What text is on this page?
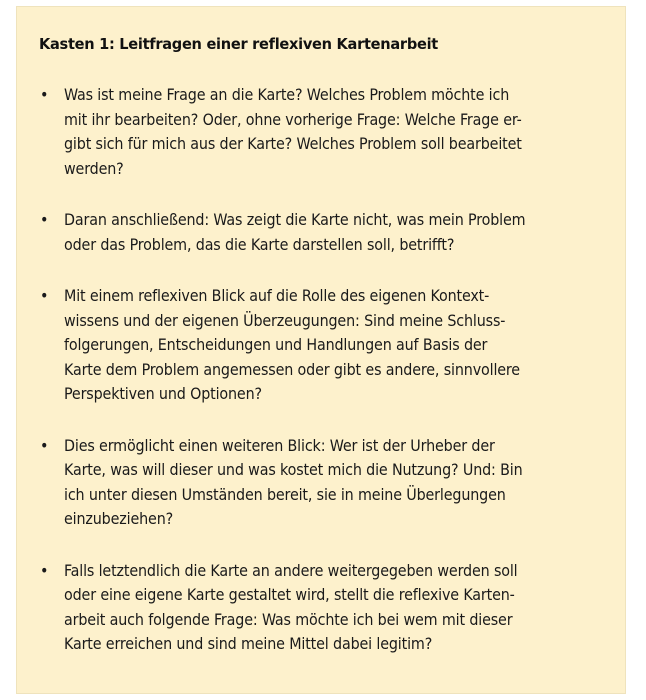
Kasten 1: Leitfragen einer reflexiven Kartenarbeit
• Was ist meine Frage an die Karte? Welches Problem möchte ich
mit ihr bearbeiten? Oder, ohne vorherige Frage: Welche Frage er-
gibt sich für mich aus der Karte? Welches Problem soll bearbeitet
werden?
• Daran anschließend: Was zeigt die Karte nicht, was mein Problem
oder das Problem, das die Karte darstellen soll, betrifft?
• Mit einem reflexiven Blick auf die Rolle des eigenen Kontext-
wissens und der eigenen Überzeugungen: Sind meine Schluss-
folgerungen, Entscheidungen und Handlungen auf Basis der
Karte dem Problem angemessen oder gibt es andere, sinnvollere
Perspektiven und Optionen?
• Dies ermöglicht einen weiteren Blick: Wer ist der Urheber der
Karte, was will dieser und was kostet mich die Nutzung? Und: Bin
ich unter diesen Umständen bereit, sie in meine Überlegungen
einzubeziehen?
• Falls letztendlich die Karte an andere weitergegeben werden soll
oder eine eigene Karte gestaltet wird, stellt die reflexive Karten-
arbeit auch folgende Frage: Was möchte ich bei wem mit dieser
Karte erreichen und sind meine Mittel dabei legitim?
